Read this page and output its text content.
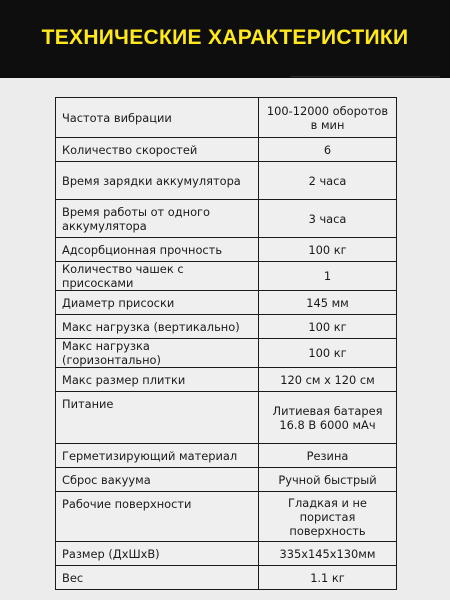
ТЕХНИЧЕСКИЕ ХАРАКТЕРИСТИКИ
Частота вибрации	100-12000 оборотов в мин
Количество скоростей	6
Время зарядки аккумулятора	2 часа
Время работы от одного аккумулятора	3 часа
Адсорбционная прочность	100 кг
Количество чашек с присосками	1
Диаметр присоски	145 мм
Макс нагрузка (вертикально)	100 кг
Макс нагрузка (горизонтально)	100 кг
Макс размер плитки	120 см х 120 см
Питание	Литиевая батарея 16.8 В 6000 мАч
Герметизирующий материал	Резина
Сброс вакуума	Ручной быстрый
Рабочие поверхности	Гладкая и не пористая поверхность
Размер (ДхШхВ)	335x145x130мм
Вес	1.1 кг
